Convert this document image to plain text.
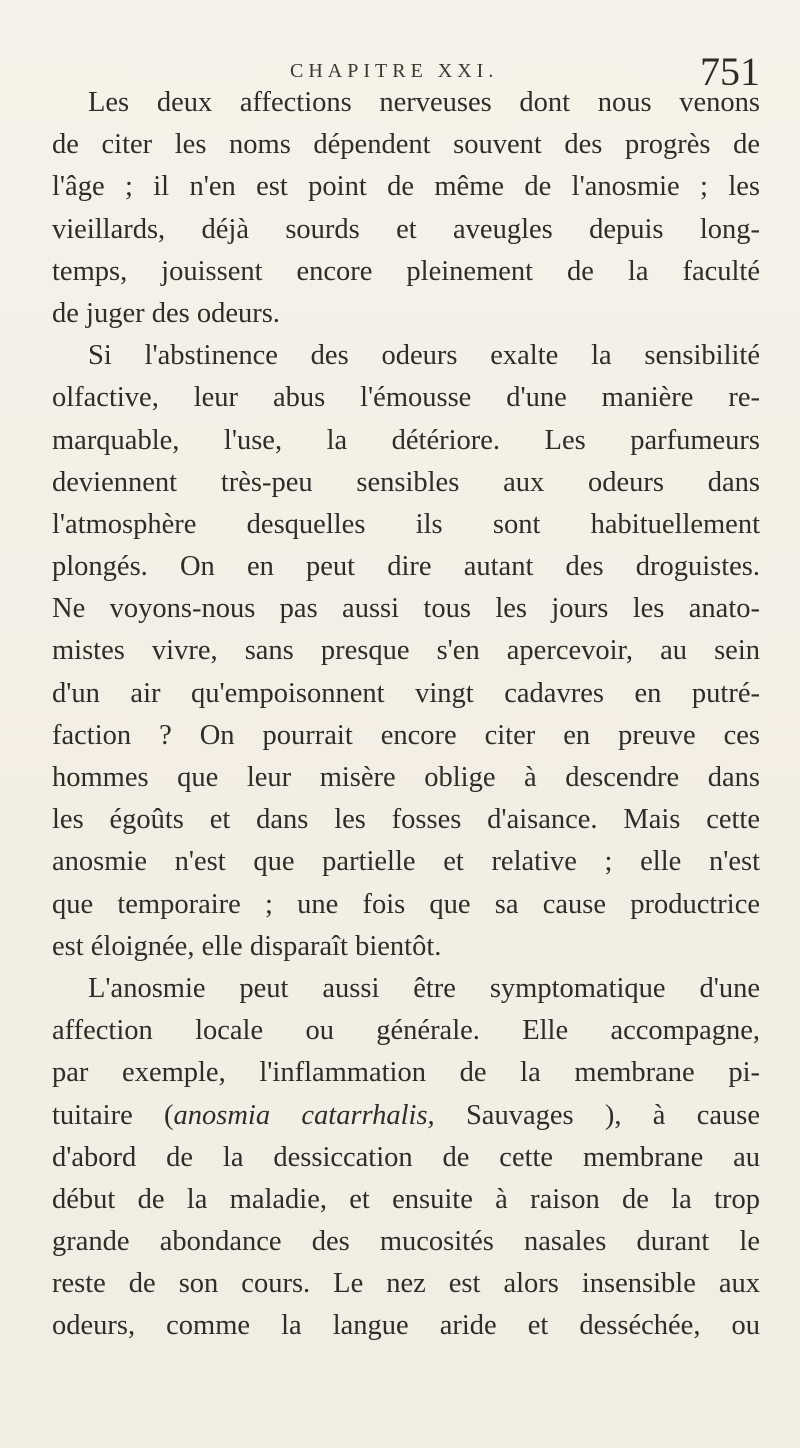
CHAPITRE XXI.	751
Les deux affections nerveuses dont nous venons
de citer les noms dépendent souvent des progrès de
l'âge ; il n'en est point de même de l'anosmie ; les
vieillards, déjà sourds et aveugles depuis long-
temps, jouissent encore pleinement de la faculté
de juger des odeurs.
Si l'abstinence des odeurs exalte la sensibilité
olfactive, leur abus l'émousse d'une manière re-
marquable, l'use, la détériore. Les parfumeurs
deviennent très-peu sensibles aux odeurs dans
l'atmosphère desquelles ils sont habituellement
plongés. On en peut dire autant des droguistes.
Ne voyons-nous pas aussi tous les jours les anato-
mistes vivre, sans presque s'en apercevoir, au sein
d'un air qu'empoisonnent vingt cadavres en putré-
faction ? On pourrait encore citer en preuve ces
hommes que leur misère oblige à descendre dans
les égoûts et dans les fosses d'aisance. Mais cette
anosmie n'est que partielle et relative ; elle n'est
que temporaire ; une fois que sa cause productrice
est éloignée, elle disparaît bientôt.
L'anosmie peut aussi être symptomatique d'une
affection locale ou générale. Elle accompagne,
par exemple, l'inflammation de la membrane pi-
tuitaire (anosmia catarrhalis, Sauvages ), à cause
d'abord de la dessiccation de cette membrane au
début de la maladie, et ensuite à raison de la trop
grande abondance des mucosités nasales durant le
reste de son cours. Le nez est alors insensible aux
odeurs, comme la langue aride et desséchée, ou
